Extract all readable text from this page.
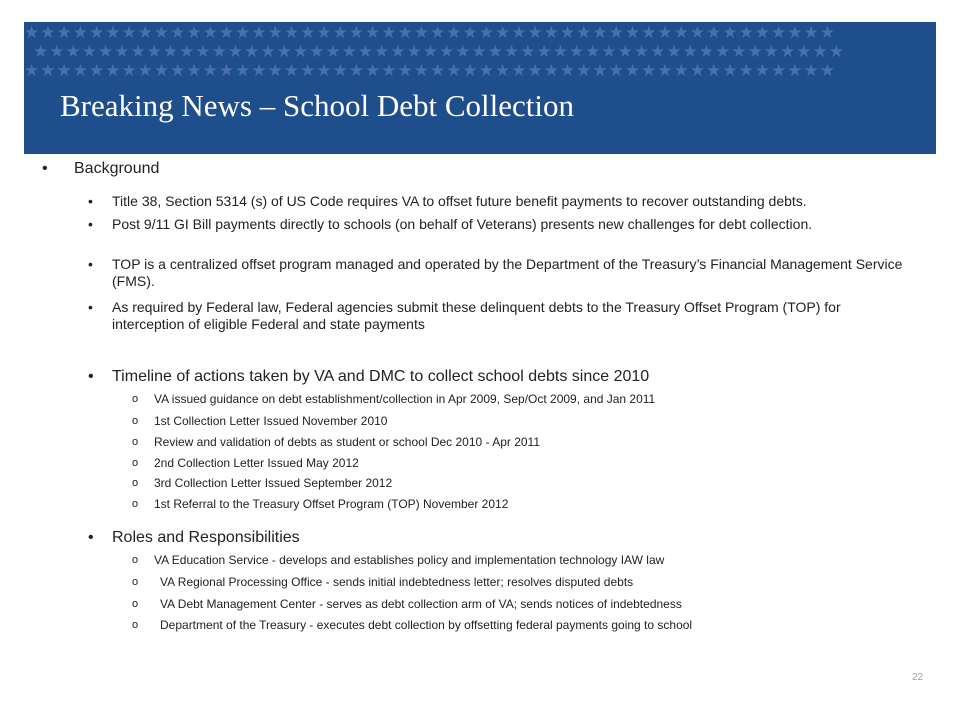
★★★★★★★★★★★★★★★★★★★★★★★★★★★★★★★★★★★★★★★★★★★★★★★★★★
★★★★★★★★★★★★★★★★★★★★★★★★★★★★★★★★★★★★★★★★★★★★★★★★★★
★★★★★★★★★★★★★★★★★★★★★★★★★★★★★★★★★★★★★★★★★★★★★★★★★★
Breaking News – School Debt Collection
• Background
• Title 38, Section 5314 (s) of US Code requires VA to offset future benefit payments to recover outstanding debts.
• Post 9/11 GI Bill payments directly to schools (on behalf of Veterans) presents new challenges for debt collection.
• TOP is a centralized offset program managed and operated by the Department of the Treasury’s Financial Management Service (FMS).
• As required by Federal law, Federal agencies submit these delinquent debts to the Treasury Offset Program (TOP) for interception of eligible Federal and state payments
• Timeline of actions taken by VA and DMC to collect school debts since 2010
o VA issued guidance on debt establishment/collection in Apr 2009, Sep/Oct 2009, and Jan 2011
o 1st Collection Letter Issued November 2010
o Review and validation of debts as student or school Dec 2010 - Apr 2011
o 2nd Collection Letter Issued May 2012
o 3rd Collection Letter Issued September 2012
o 1st Referral to the Treasury Offset Program (TOP) November 2012
• Roles and Responsibilities
o VA Education Service - develops and establishes policy and implementation technology IAW law
o VA Regional Processing Office - sends initial indebtedness letter; resolves disputed debts
o VA Debt Management Center - serves as debt collection arm of VA; sends notices of indebtedness
o Department of the Treasury - executes debt collection by offsetting federal payments going to school
22
